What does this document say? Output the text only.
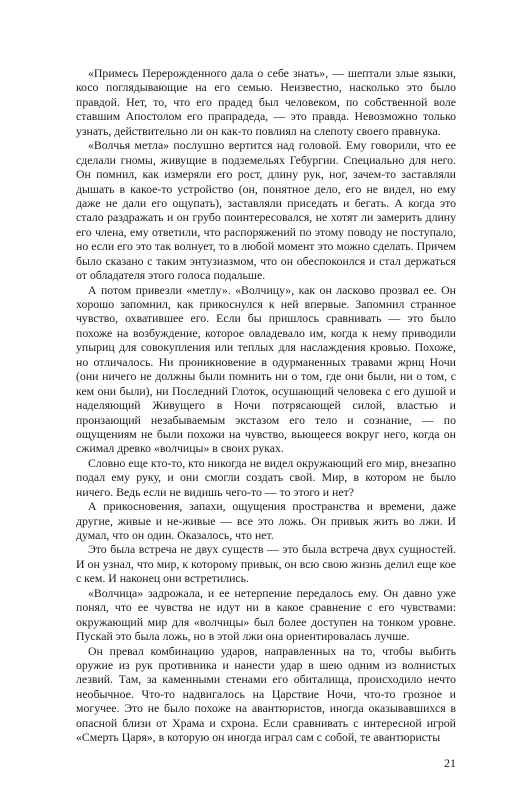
«Примесь Перерожденного дала о себе знать», — шептали злые языки, косо поглядывающие на его семью. Неизвестно, насколько это было правдой. Нет, то, что его прадед был человеком, по собственной воле ставшим Апостолом его прапрадеда, — это правда. Невозможно только узнать, действительно ли он как-то повлиял на слепоту своего правнука.

«Волчья метла» послушно вертится над головой. Ему говорили, что ее сделали гномы, живущие в подземельях Гебургии. Специально для него. Он помнил, как измеряли его рост, длину рук, ног, зачем-то заставляли дышать в какое-то устройство (он, понятное дело, его не видел, но ему даже не дали его ощупать), заставляли приседать и бегать. А когда это стало раздражать и он грубо поинтересовался, не хотят ли замерить длину его члена, ему ответили, что распоряжений по этому поводу не поступало, но если его это так волнует, то в любой момент это можно сделать. Причем было сказано с таким энтузиазмом, что он обеспокоился и стал держаться от обладателя этого голоса подальше.

А потом привезли «метлу». «Волчицу», как он ласково прозвал ее. Он хорошо запомнил, как прикоснулся к ней впервые. Запомнил странное чувство, охватившее его. Если бы пришлось сравнивать — это было похоже на возбуждение, которое овладевало им, когда к нему приводили упыриц для совокупления или теплых для наслаждения кровью. Похоже, но отличалось. Ни проникновение в одурманенных травами жриц Ночи (они ничего не должны были помнить ни о том, где они были, ни о том, с кем они были), ни Последний Глоток, осушающий человека с его душой и наделяющий Живущего в Ночи потрясающей силой, властью и пронзающий незабываемым экстазом его тело и сознание, — по ощущениям не были похожи на чувство, вьющееся вокруг него, когда он сжимал древко «волчицы» в своих руках.

Словно еще кто-то, кто никогда не видел окружающий его мир, внезапно подал ему руку, и они смогли создать свой. Мир, в котором не было ничего. Ведь если не видишь чего-то — то этого и нет?

А прикосновения, запахи, ощущения пространства и времени, даже другие, живые и не-живые — все это ложь. Он привык жить во лжи. И думал, что он один. Оказалось, что нет.

Это была встреча не двух существ — это была встреча двух сущностей. И он узнал, что мир, к которому привык, он всю свою жизнь делил еще кое с кем. И наконец они встретились.

«Волчица» задрожала, и ее нетерпение передалось ему. Он давно уже понял, что ее чувства не идут ни в какое сравнение с его чувствами: окружающий мир для «волчицы» был более доступен на тонком уровне. Пускай это была ложь, но в этой лжи она ориентировалась лучше.

Он превал комбинацию ударов, направленных на то, чтобы выбить оружие из рук противника и нанести удар в шею одним из волнистых лезвий. Там, за каменными стенами его обиталища, происходило нечто необычное. Что-то надвигалось на Царствие Ночи, что-то грозное и могучее. Это не было похоже на авантюристов, иногда оказывавшихся в опасной близи от Храма и схрона. Если сравнивать с интересной игрой «Смерть Царя», в которую он иногда играл сам с собой, те авантюристы

21
